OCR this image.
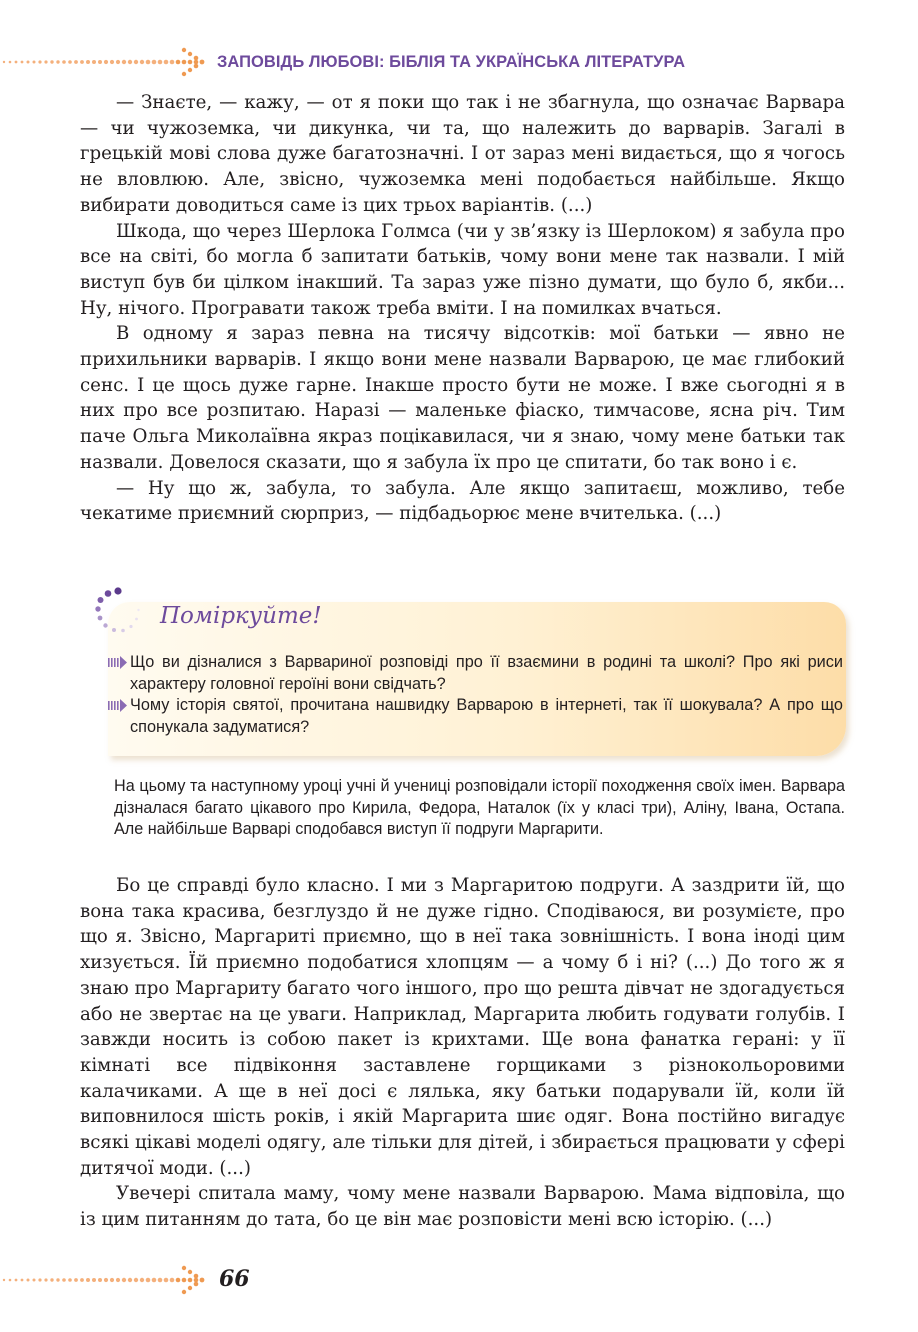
ЗАПОВІДЬ ЛЮБОВІ: БІБЛІЯ ТА УКРАЇНСЬКА ЛІТЕРАТУРА

— Знаєте, — кажу, — от я поки що так і не збагнула, що означає Варвара — чи чужоземка, чи дикунка, чи та, що належить до варварів. Загалі в грецькій мові слова дуже багатозначні. І от зараз мені видається, що я чогось не вловлюю. Але, звісно, чужоземка мені подобається найбільше. Якщо вибирати доводиться саме із цих трьох варіантів. (...)

Шкода, що через Шерлока Голмса (чи у зв’язку із Шерлоком) я забула про все на світі, бо могла б запитати батьків, чому вони мене так назвали. І мій виступ був би цілком інакший. Та зараз уже пізно думати, що було б, якби... Ну, нічого. Програвати також треба вміти. І на помилках вчаться.

В одному я зараз певна на тисячу відсотків: мої батьки — явно не прихильники варварів. І якщо вони мене назвали Варварою, це має глибокий сенс. І це щось дуже гарне. Інакше просто бути не може. І вже сьогодні я в них про все розпитаю. Наразі — маленьке фіаско, тимчасове, ясна річ. Тим паче Ольга Миколаївна якраз поцікавилася, чи я знаю, чому мене батьки так назвали. Довелося сказати, що я забула їх про це спитати, бо так воно і є.

— Ну що ж, забула, то забула. Але якщо запитаєш, можливо, тебе чекатиме приємний сюрприз, — підбадьорює мене вчителька. (...)

Поміркуйте!

Що ви дізналися з Варвариної розповіді про її взаємини в родині та школі? Про які риси характеру головної героїні вони свідчать?

Чому історія святої, прочитана нашвидку Варварою в інтернеті, так її шокувала? А про що спонукала задуматися?

На цьому та наступному уроці учні й учениці розповідали історії походження своїх імен. Варвара дізналася багато цікавого про Кирила, Федора, Наталок (їх у класі три), Аліну, Івана, Остапа. Але найбільше Варварі сподобався виступ її подруги Маргарити.

Бо це справді було класно. І ми з Маргаритою подруги. А заздрити їй, що вона така красива, безглуздо й не дуже гідно. Сподіваюся, ви розумієте, про що я. Звісно, Маргариті приємно, що в неї така зовнішність. І вона іноді цим хизується. Їй приємно подобатися хлопцям — а чому б і ні? (...) До того ж я знаю про Маргариту багато чого іншого, про що решта дівчат не здогадується або не звертає на це уваги. Наприклад, Маргарита любить годувати голубів. І завжди носить із собою пакет із крихтами. Ще вона фанатка герані: у її кімнаті все підвіконня заставлене горщиками з різнокольоровими калачиками. А ще в неї досі є лялька, яку батьки подарували їй, коли їй виповнилося шість років, і якій Маргарита шиє одяг. Вона постійно вигадує всякі цікаві моделі одягу, але тільки для дітей, і збирається працювати у сфері дитячої моди. (...)

Увечері спитала маму, чому мене назвали Варварою. Мама відповіла, що із цим питанням до тата, бо це він має розповісти мені всю історію. (...)

66
